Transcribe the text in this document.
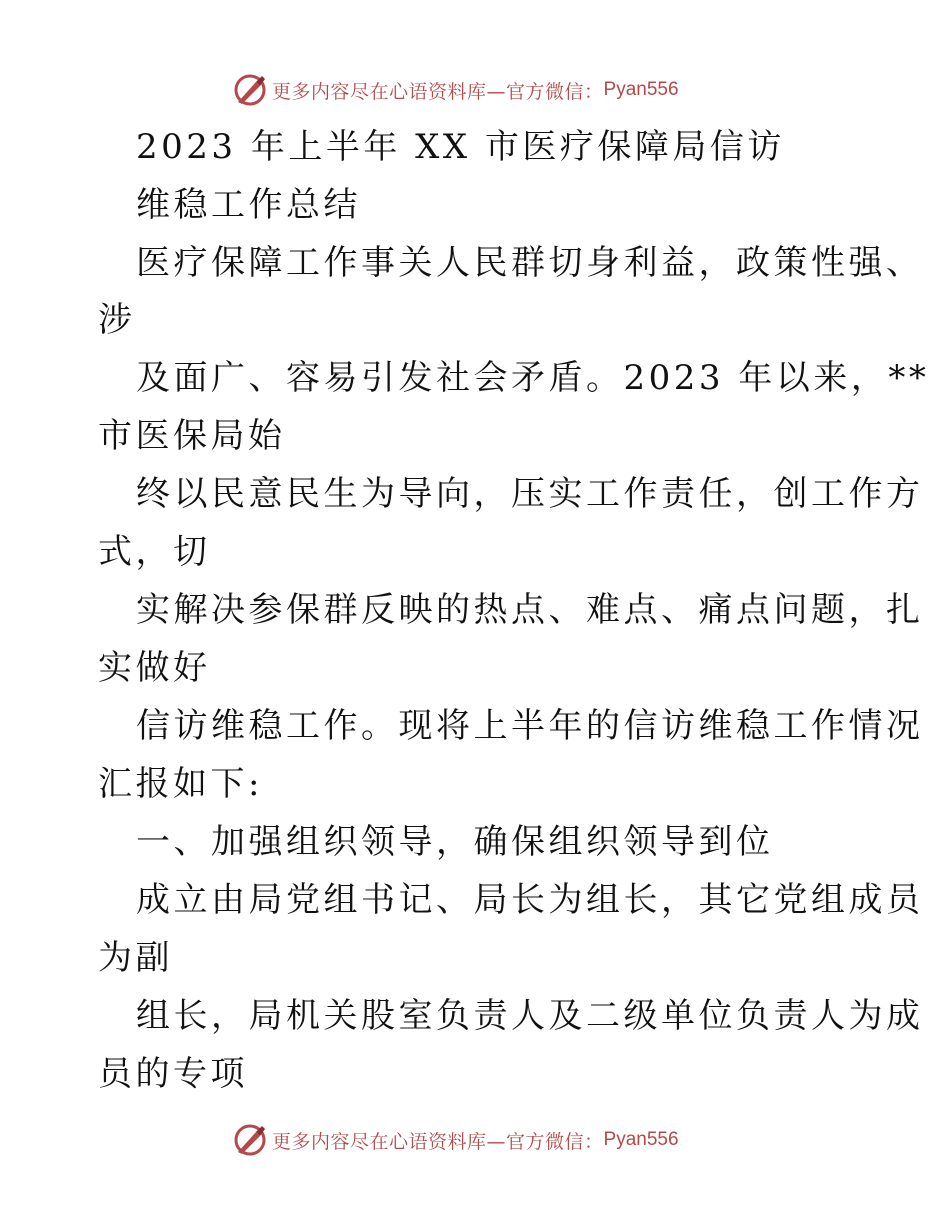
更多内容尽在心语资料库—官方微信： Pyan556
2023 年上半年 XX 市医疗保障局信访
维稳工作总结
医疗保障工作事关人民群切身利益，政策性强、
涉
及面广、容易引发社会矛盾。2023 年以来，**
市医保局始
终以民意民生为导向，压实工作责任，创工作方
式，切
实解决参保群反映的热点、难点、痛点问题，扎
实做好
信访维稳工作。现将上半年的信访维稳工作情况
汇报如下:
一、加强组织领导，确保组织领导到位
成立由局党组书记、局长为组长，其它党组成员
为副
组长，局机关股室负责人及二级单位负责人为成
员的专项
更多内容尽在心语资料库—官方微信： Pyan556
